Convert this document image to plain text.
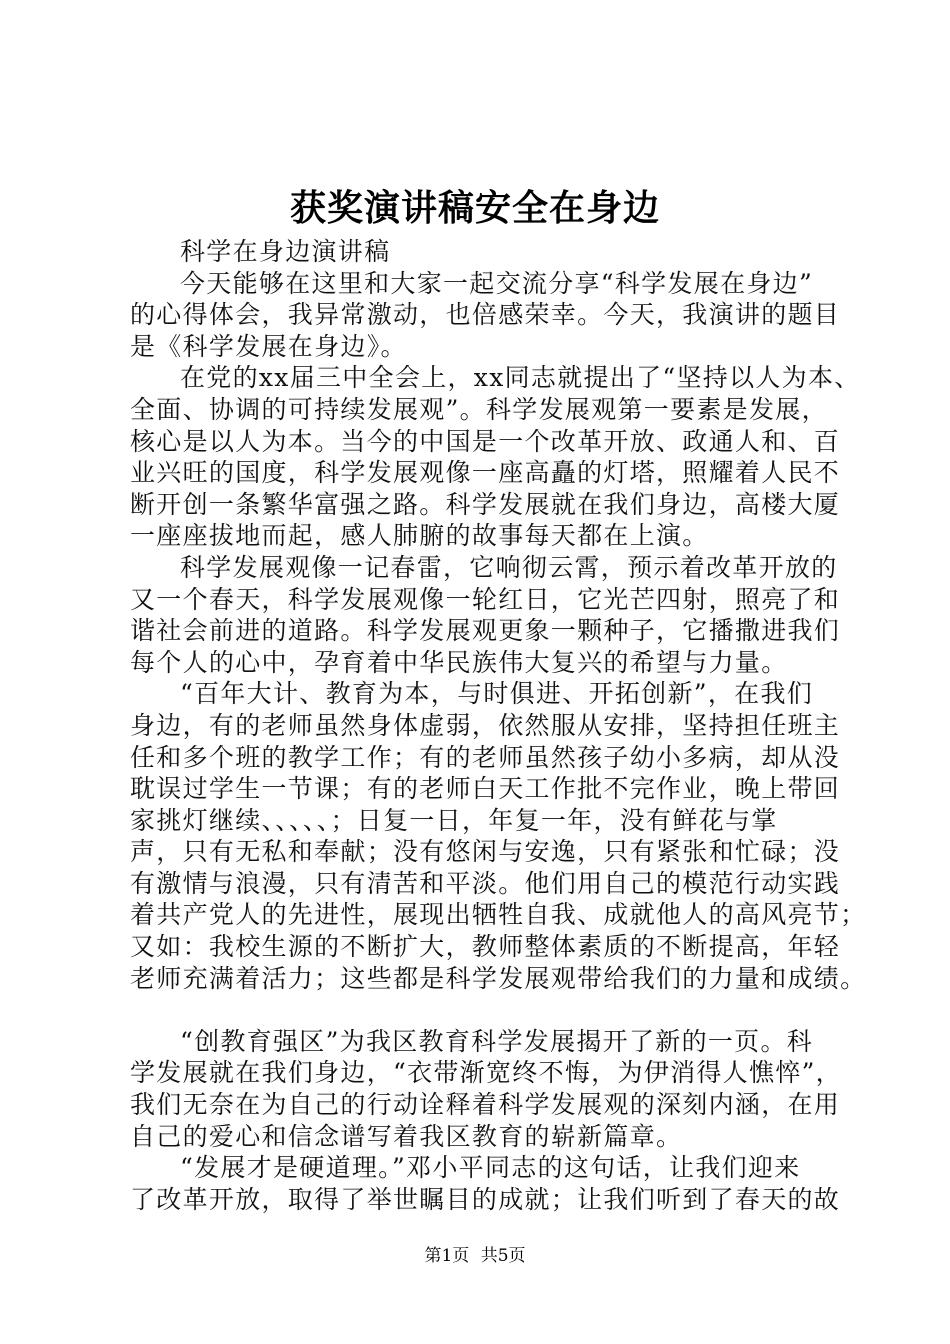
获奖演讲稿安全在身边
科学在身边演讲稿
今天能够在这里和大家一起交流分享“科学发展在身边”
的心得体会，我异常激动，也倍感荣幸。今天，我演讲的题目
是《科学发展在身边》。
在党的xx届三中全会上，xx同志就提出了“坚持以人为本、
全面、协调的可持续发展观”。科学发展观第一要素是发展，
核心是以人为本。当今的中国是一个改革开放、政通人和、百
业兴旺的国度，科学发展观像一座高矗的灯塔，照耀着人民不
断开创一条繁华富强之路。科学发展就在我们身边，高楼大厦
一座座拔地而起，感人肺腑的故事每天都在上演。
科学发展观像一记春雷，它响彻云霄，预示着改革开放的
又一个春天，科学发展观像一轮红日，它光芒四射，照亮了和
谐社会前进的道路。科学发展观更象一颗种子，它播撒进我们
每个人的心中，孕育着中华民族伟大复兴的希望与力量。
“百年大计、教育为本，与时俱进、开拓创新”，在我们
身边，有的老师虽然身体虚弱，依然服从安排，坚持担任班主
任和多个班的教学工作；有的老师虽然孩子幼小多病，却从没
耽误过学生一节课；有的老师白天工作批不完作业，晚上带回
家挑灯继续、、、、、；日复一日，年复一年，没有鲜花与掌
声，只有无私和奉献；没有悠闲与安逸，只有紧张和忙碌；没
有激情与浪漫，只有清苦和平淡。他们用自己的模范行动实践
着共产党人的先进性，展现出牺牲自我、成就他人的高风亮节；
又如：我校生源的不断扩大，教师整体素质的不断提高，年轻
老师充满着活力；这些都是科学发展观带给我们的力量和成绩。
“创教育强区”为我区教育科学发展揭开了新的一页。科
学发展就在我们身边，“衣带渐宽终不悔，为伊消得人憔悴”，
我们无奈在为自己的行动诠释着科学发展观的深刻内涵，在用
自己的爱心和信念谱写着我区教育的崭新篇章。
“发展才是硬道理。”邓小平同志的这句话，让我们迎来
了改革开放，取得了举世瞩目的成就；让我们听到了春天的故
第1页 共5页
